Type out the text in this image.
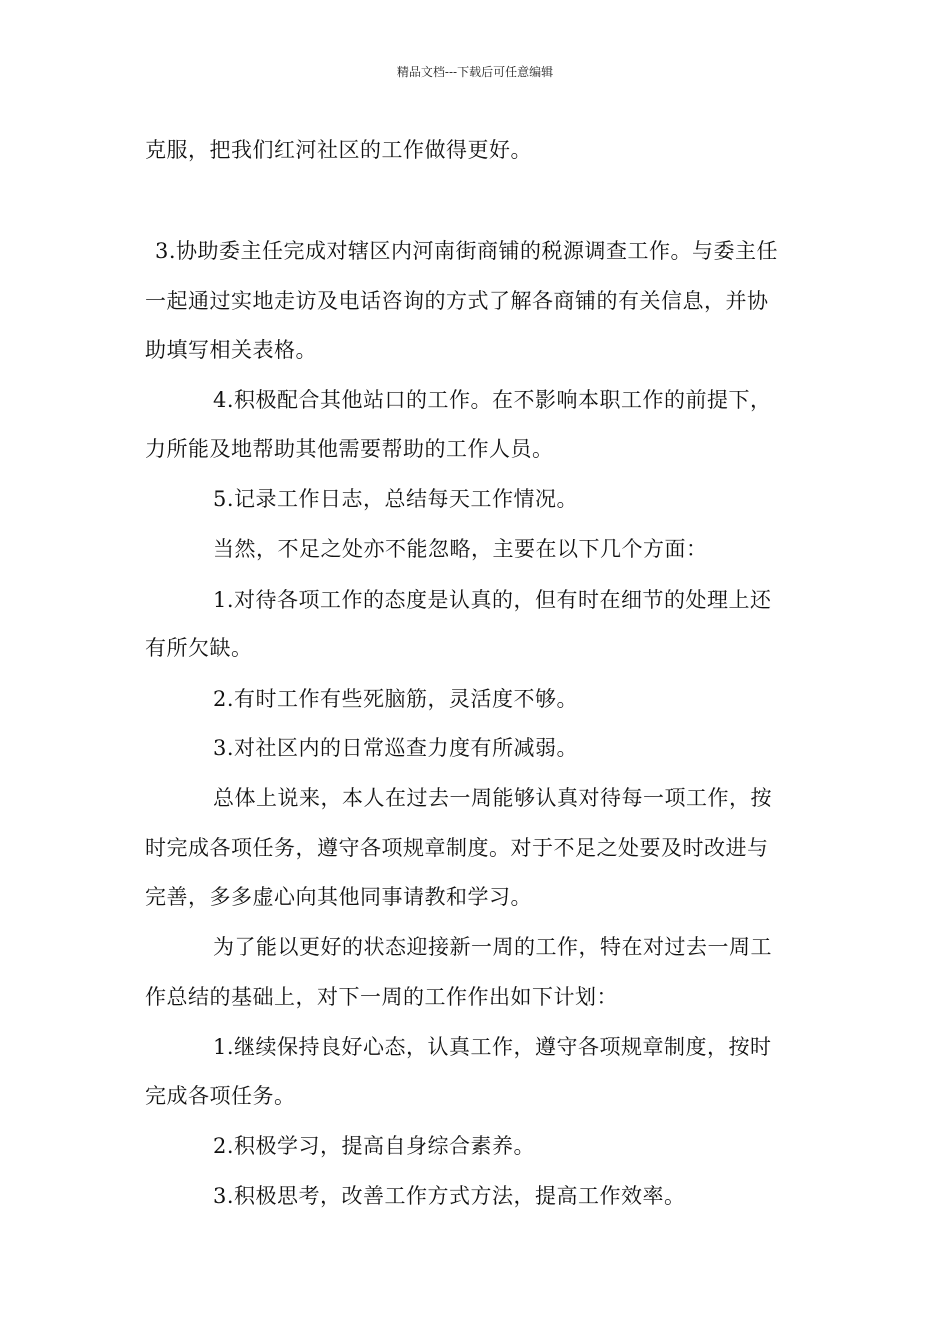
精品文档---下载后可任意编辑
克服，把我们红河社区的工作做得更好。
3.协助委主任完成对辖区内河南街商铺的税源调查工作。与委主任
一起通过实地走访及电话咨询的方式了解各商铺的有关信息，并协
助填写相关表格。
4.积极配合其他站口的工作。在不影响本职工作的前提下，
力所能及地帮助其他需要帮助的工作人员。
5.记录工作日志，总结每天工作情况。
当然，不足之处亦不能忽略，主要在以下几个方面：
1.对待各项工作的态度是认真的，但有时在细节的处理上还
有所欠缺。
2.有时工作有些死脑筋，灵活度不够。
3.对社区内的日常巡查力度有所减弱。
总体上说来，本人在过去一周能够认真对待每一项工作，按
时完成各项任务，遵守各项规章制度。对于不足之处要及时改进与
完善，多多虚心向其他同事请教和学习。
为了能以更好的状态迎接新一周的工作，特在对过去一周工
作总结的基础上，对下一周的工作作出如下计划：
1.继续保持良好心态，认真工作，遵守各项规章制度，按时
完成各项任务。
2.积极学习，提高自身综合素养。
3.积极思考，改善工作方式方法，提高工作效率。
